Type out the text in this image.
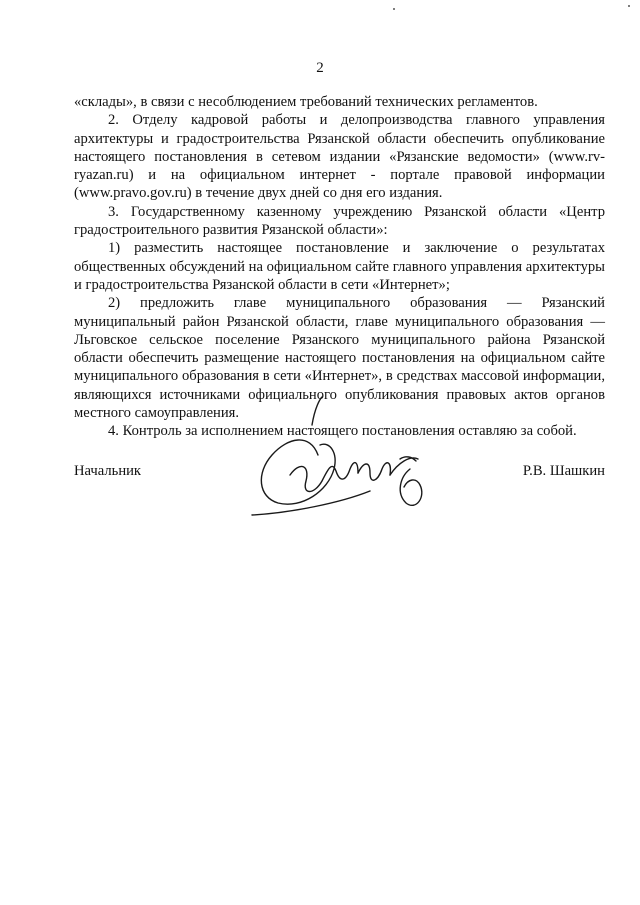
2

«склады», в связи с несоблюдением требований технических регламентов.

2. Отделу кадровой работы и делопроизводства главного управления архитектуры и градостроительства Рязанской области обеспечить опубликование настоящего постановления в сетевом издании «Рязанские ведомости» (www.rv-ryazan.ru) и на официальном интернет - портале правовой информации (www.pravo.gov.ru) в течение двух дней со дня его издания.

3. Государственному казенному учреждению Рязанской области «Центр градостроительного развития Рязанской области»:

1) разместить настоящее постановление и заключение о результатах общественных обсуждений на официальном сайте главного управления архитектуры и градостроительства Рязанской области в сети «Интернет»;

2) предложить главе муниципального образования — Рязанский муниципальный район Рязанской области, главе муниципального образования — Льговское сельское поселение Рязанского муниципального района Рязанской области обеспечить размещение настоящего постановления на официальном сайте муниципального образования в сети «Интернет», в средствах массовой информации, являющихся источниками официального опубликования правовых актов органов местного самоуправления.

4. Контроль за исполнением настоящего постановления оставляю за собой.

Начальник	Р.В. Шашкин
